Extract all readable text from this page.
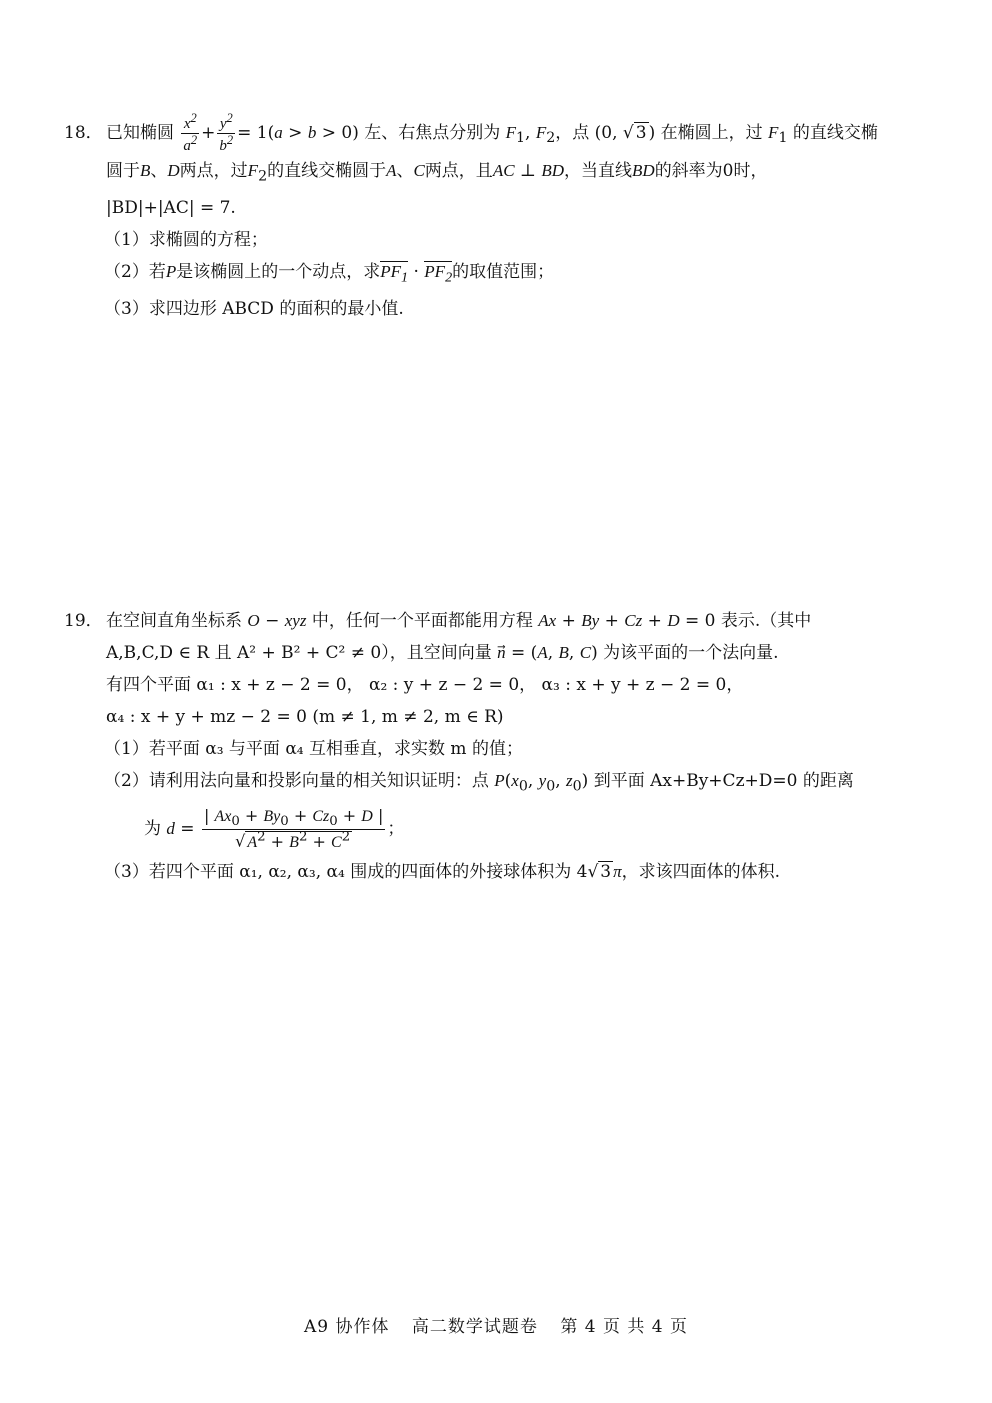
18． 已知椭圆 $\frac{x^2}{a^2} + \frac{y^2}{b^2} = 1(a > b > 0)$ 左、右焦点分别为 $F_1$, $F_2$，点 (0, √ 3 ) 在椭圆上，过 $F_1$ 的直线交椭
圆于B、D两点，过$F_2$的直线交椭圆于A、C两点，且AC ⊥ BD，当直线BD的斜率为0时，
|BD|+|AC| = 7.
（1）求椭圆的方程；
（2）若P是该椭圆上的一个动点，求$PF_1 \cdot PF_2$的取值范围；
（3）求四边形 ABCD 的面积的最小值.
19． 在空间直角坐标系 O − xyz 中，任何一个平面都能用方程 Ax + By + Cz + D = 0 表示.（其中
A,B,C,D ∈ R 且 A² + B² + C² ≠ 0），且空间向量 n⃗ = (A, B, C) 为该平面的一个法向量.
有四个平面 α₁ : x + z − 2 = 0， α₂ : y + z − 2 = 0， α₃ : x + y + z − 2 = 0，
α₄ : x + y + mz − 2 = 0 (m ≠ 1, m ≠ 2, m ∈ R)
（1）若平面 α₃ 与平面 α₄ 互相垂直，求实数 m 的值；
（2）请利用法向量和投影向量的相关知识证明：点 $P(x_0$, $y_0$, $z_0$) 到平面 Ax+By+Cz+D=0 的距离
为 $d = \frac{| Ax_0 + By_0 + Cz_0 + D |}{√ A^2 + B^2 + C^2}$ ；
（3）若四个平面 α₁, α₂, α₃, α₄ 围成的四面体的外接球体积为 4√ 3 π，求该四面体的体积.
A9 协作体 高二数学试题卷 第 4 页 共 4 页
